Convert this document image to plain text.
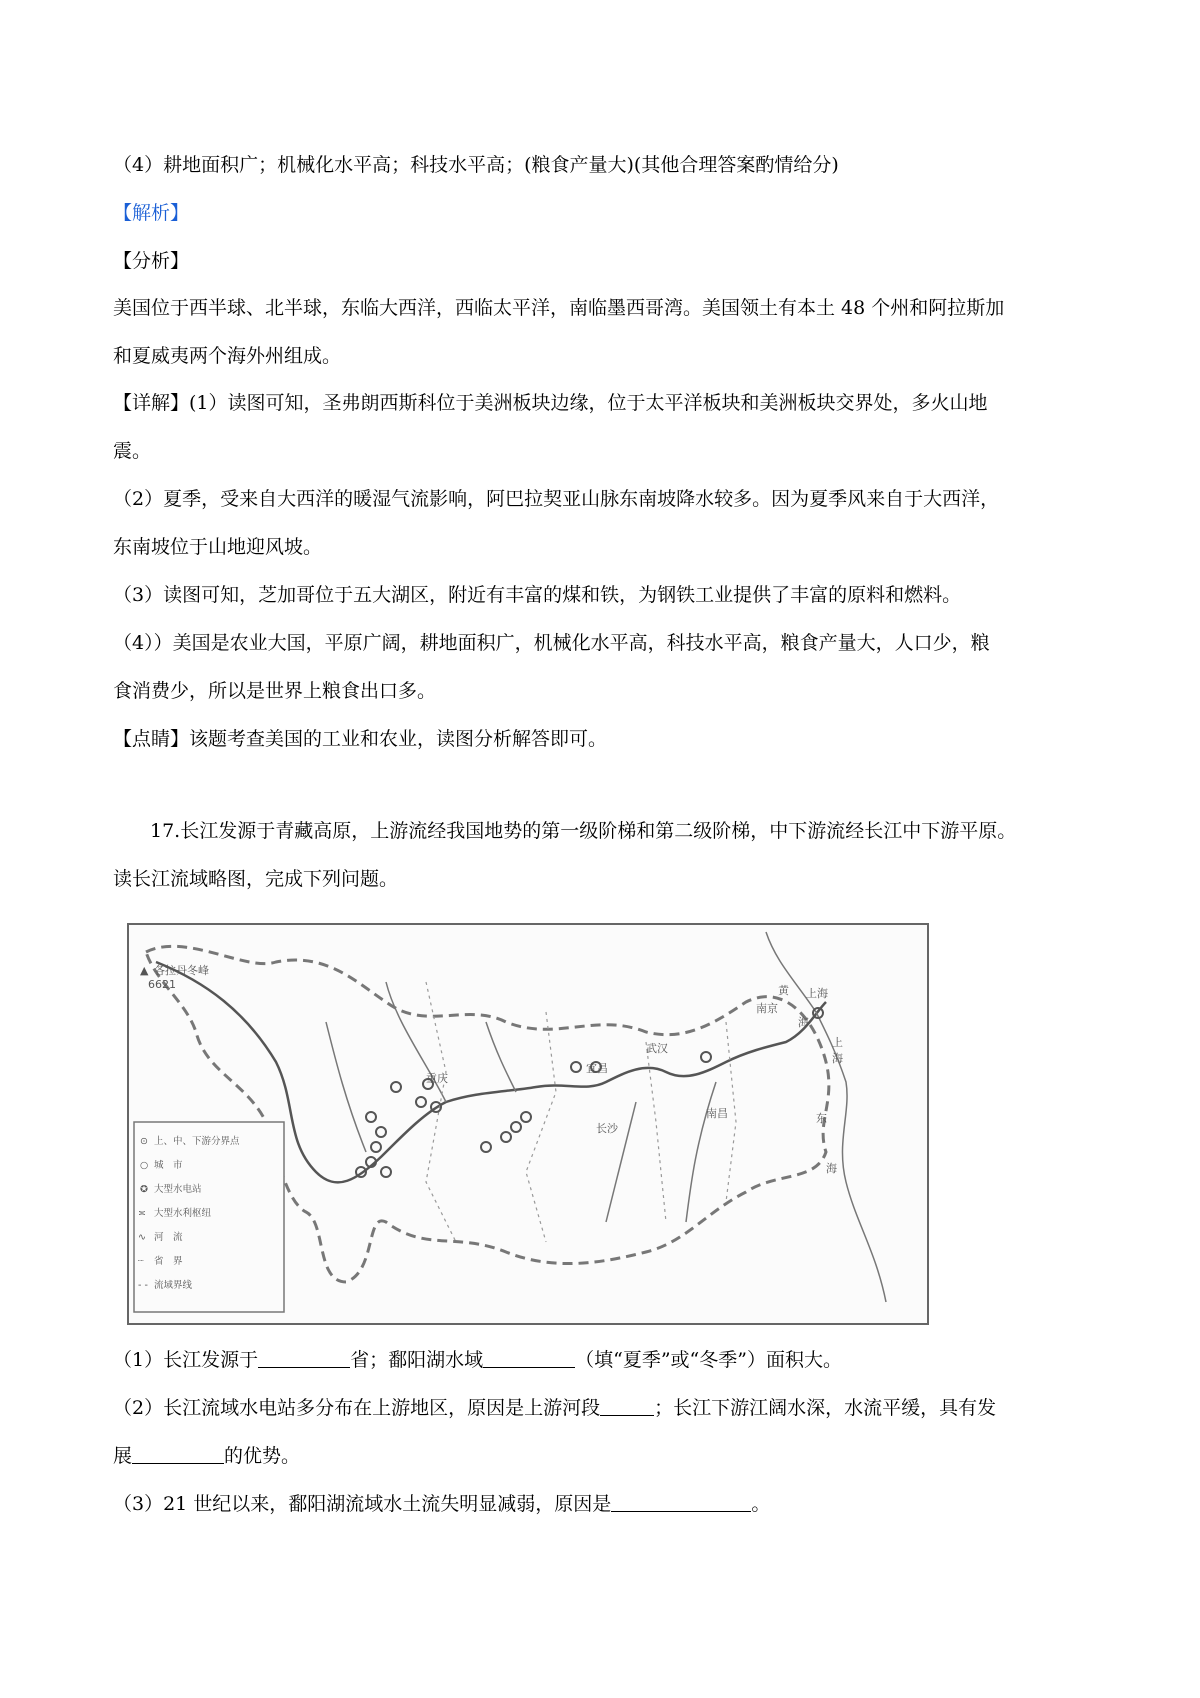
（4）耕地面积广；机械化水平高；科技水平高；(粮食产量大)(其他合理答案酌情给分)
【解析】
【分析】
美国位于西半球、北半球，东临大西洋，西临太平洋，南临墨西哥湾。美国领土有本土 48 个州和阿拉斯加
和夏威夷两个海外州组成。
【详解】(1）读图可知，圣弗朗西斯科位于美洲板块边缘，位于太平洋板块和美洲板块交界处，多火山地
震。
（2）夏季，受来自大西洋的暖湿气流影响，阿巴拉契亚山脉东南坡降水较多。因为夏季风来自于大西洋，
东南坡位于山地迎风坡。
（3）读图可知，芝加哥位于五大湖区，附近有丰富的煤和铁，为钢铁工业提供了丰富的原料和燃料。
（4））美国是农业大国，平原广阔，耕地面积广，机械化水平高，科技水平高，粮食产量大，人口少，粮
食消费少，所以是世界上粮食出口多。
【点睛】该题考查美国的工业和农业，读图分析解答即可。
17.长江发源于青藏高原，上游流经我国地势的第一级阶梯和第二级阶梯，中下游流经长江中下游平原。
读长江流域略图，完成下列问题。
▲ 各拉丹冬峰
6621	黄
海
上
海
东
海
武汉
宜昌
重庆
长沙
南昌
南京
上海
⊙ 上、中、下游分界点
○ 城　市
✪ 大型水电站
≍ 大型水利枢纽
∿ 河　流
┈ 省　界
- - 流域界线
（1）长江发源于	省；鄱阳湖水域	（填“夏季”或“冬季”）面积大。
（2）长江流域水电站多分布在上游地区，原因是上游河段	；长江下游江阔水深，水流平缓，具有发
展	的优势。
（3）21 世纪以来，鄱阳湖流域水土流失明显减弱，原因是	。
